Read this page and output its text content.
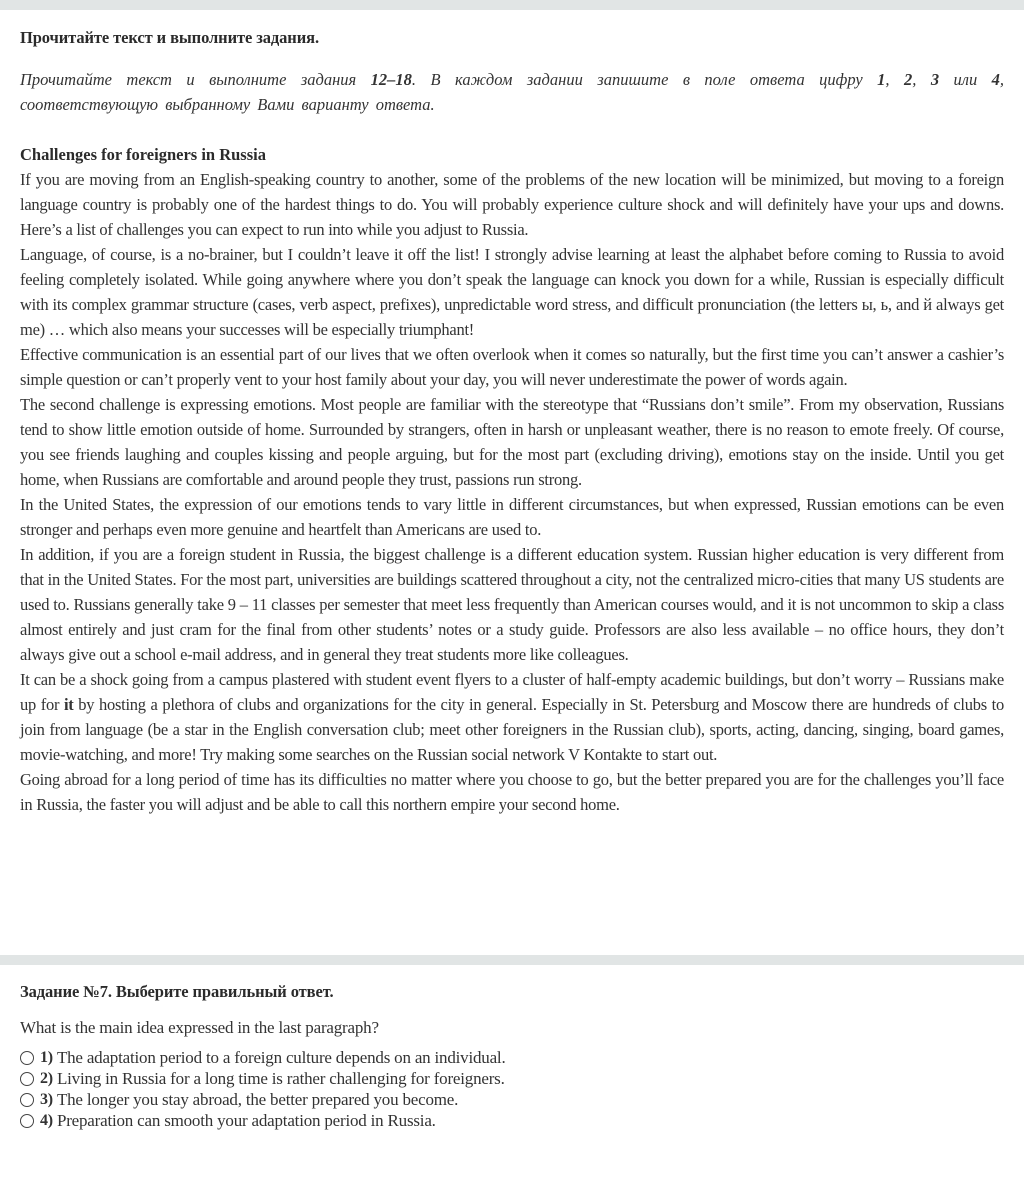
Прочитайте текст и выполните задания.
Прочитайте текст и выполните задания 12–18. В каждом задании запишите в поле ответа цифру 1, 2, 3 или 4, соответствующую выбранному Вами варианту ответа.
Challenges for foreigners in Russia

If you are moving from an English-speaking country to another, some of the problems of the new location will be minimized, but moving to a foreign language country is probably one of the hardest things to do. You will probably experience culture shock and will definitely have your ups and downs. Here’s a list of challenges you can expect to run into while you adjust to Russia.

Language, of course, is a no-brainer, but I couldn’t leave it off the list! I strongly advise learning at least the alphabet before coming to Russia to avoid feeling completely isolated. While going anywhere where you don’t speak the language can knock you down for a while, Russian is especially difficult with its complex grammar structure (cases, verb aspect, prefixes), unpredictable word stress, and difficult pronunciation (the letters ы, ь, and й always get me) … which also means your successes will be especially triumphant!

Effective communication is an essential part of our lives that we often overlook when it comes so naturally, but the first time you can’t answer a cashier’s simple question or can’t properly vent to your host family about your day, you will never underestimate the power of words again.

The second challenge is expressing emotions. Most people are familiar with the stereotype that “Russians don’t smile”. From my observation, Russians tend to show little emotion outside of home. Surrounded by strangers, often in harsh or unpleasant weather, there is no reason to emote freely. Of course, you see friends laughing and couples kissing and people arguing, but for the most part (excluding driving), emotions stay on the inside. Until you get home, when Russians are comfortable and around people they trust, passions run strong.

In the United States, the expression of our emotions tends to vary little in different circumstances, but when expressed, Russian emotions can be even stronger and perhaps even more genuine and heartfelt than Americans are used to.

In addition, if you are a foreign student in Russia, the biggest challenge is a different education system. Russian higher education is very different from that in the United States. For the most part, universities are buildings scattered throughout a city, not the centralized micro-cities that many US students are used to. Russians generally take 9 – 11 classes per semester that meet less frequently than American courses would, and it is not uncommon to skip a class almost entirely and just cram for the final from other students’ notes or a study guide. Professors are also less available – no office hours, they don’t always give out a school e-mail address, and in general they treat students more like colleagues.

It can be a shock going from a campus plastered with student event flyers to a cluster of half-empty academic buildings, but don’t worry – Russians make up for it by hosting a plethora of clubs and organizations for the city in general. Especially in St. Petersburg and Moscow there are hundreds of clubs to join from language (be a star in the English conversation club; meet other foreigners in the Russian club), sports, acting, dancing, singing, board games, movie-watching, and more! Try making some searches on the Russian social network V Kontakte to start out.

Going abroad for a long period of time has its difficulties no matter where you choose to go, but the better prepared you are for the challenges you’ll face in Russia, the faster you will adjust and be able to call this northern empire your second home.

Задание №7. Выберите правильный ответ.
What is the main idea expressed in the last paragraph?
1) The adaptation period to a foreign culture depends on an individual.
2) Living in Russia for a long time is rather challenging for foreigners.
3) The longer you stay abroad, the better prepared you become.
4) Preparation can smooth your adaptation period in Russia.
